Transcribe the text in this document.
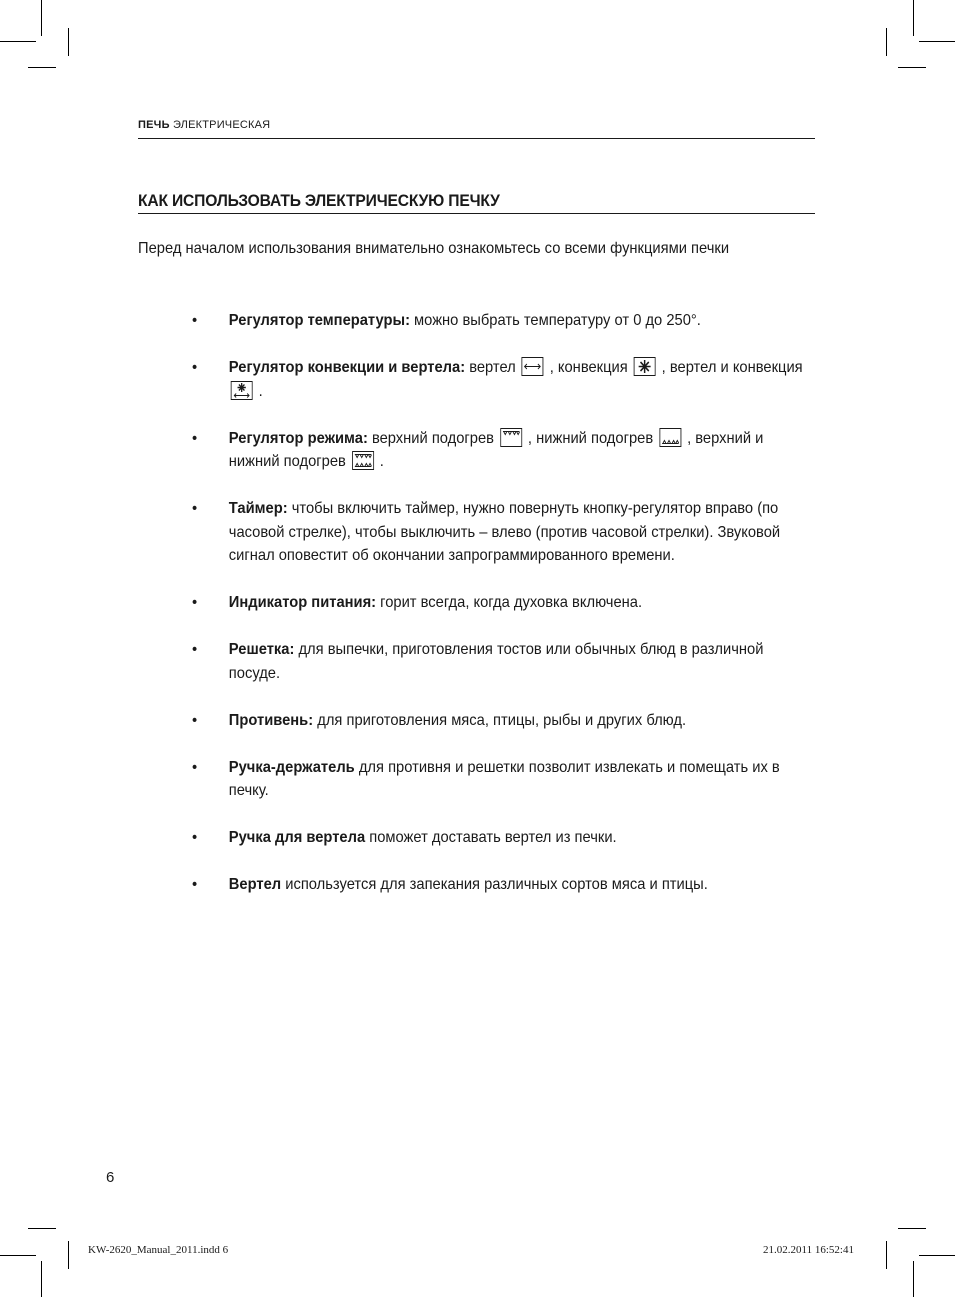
ПЕЧЬ ЭЛЕКТРИЧЕСКАЯ
КАК ИСПОЛЬЗОВАТЬ ЭЛЕКТРИЧЕСКУЮ ПЕЧКУ
Перед началом использования внимательно ознакомьтесь со всеми функциями печки
• Регулятор температуры: можно выбрать температуру от 0 до 250°.
• Регулятор конвекции и вертела: вертел  , конвекция  , вертел и конвекция  .
• Регулятор режима: верхний подогрев  , нижний подогрев  , верхний и нижний подогрев  .
• Таймер: чтобы включить таймер, нужно повернуть кнопку-регулятор вправо (по часовой стрелке), чтобы выключить – влево (против часовой стрелки). Звуковой сигнал оповестит об окончании запрограммированного времени.
• Индикатор питания: горит всегда, когда духовка включена.
• Решетка: для выпечки, приготовления тостов или обычных блюд в различной посуде.
• Противень: для приготовления мяса, птицы, рыбы и других блюд.
• Ручка-держатель для противня и решетки позволит извлекать и помещать их в печку.
• Ручка для вертела поможет доставать вертел из печки.
• Вертел используется для запекания различных сортов мяса и птицы.
6
KW-2620_Manual_2011.indd 6	21.02.2011 16:52:41
